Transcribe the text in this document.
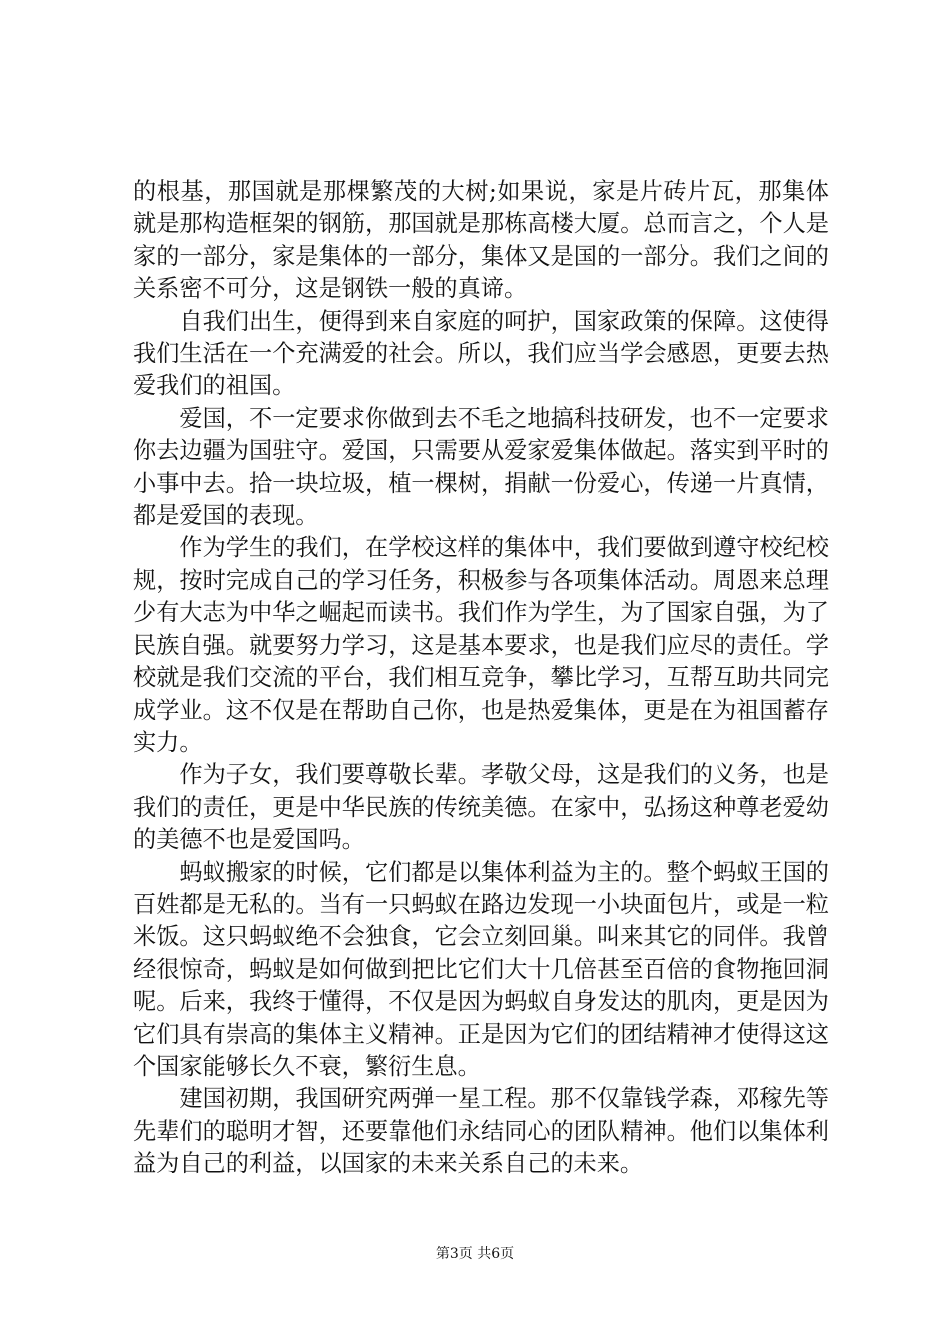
的根基，那国就是那棵繁茂的大树;如果说，家是片砖片瓦，那集体就是那构造框架的钢筋，那国就是那栋高楼大厦。总而言之，个人是家的一部分，家是集体的一部分，集体又是国的一部分。我们之间的关系密不可分，这是钢铁一般的真谛。

自我们出生，便得到来自家庭的呵护，国家政策的保障。这使得我们生活在一个充满爱的社会。所以，我们应当学会感恩，更要去热爱我们的祖国。

爱国，不一定要求你做到去不毛之地搞科技研发，也不一定要求你去边疆为国驻守。爱国，只需要从爱家爱集体做起。落实到平时的小事中去。拾一块垃圾，植一棵树，捐献一份爱心，传递一片真情，都是爱国的表现。

作为学生的我们，在学校这样的集体中，我们要做到遵守校纪校规，按时完成自己的学习任务，积极参与各项集体活动。周恩来总理少有大志为中华之崛起而读书。我们作为学生，为了国家自强，为了民族自强。就要努力学习，这是基本要求，也是我们应尽的责任。学校就是我们交流的平台，我们相互竞争，攀比学习，互帮互助共同完成学业。这不仅是在帮助自己你，也是热爱集体，更是在为祖国蓄存实力。

作为子女，我们要尊敬长辈。孝敬父母，这是我们的义务，也是我们的责任，更是中华民族的传统美德。在家中，弘扬这种尊老爱幼的美德不也是爱国吗。

蚂蚁搬家的时候，它们都是以集体利益为主的。整个蚂蚁王国的百姓都是无私的。当有一只蚂蚁在路边发现一小块面包片，或是一粒米饭。这只蚂蚁绝不会独食，它会立刻回巢。叫来其它的同伴。我曾经很惊奇，蚂蚁是如何做到把比它们大十几倍甚至百倍的食物拖回洞呢。后来，我终于懂得，不仅是因为蚂蚁自身发达的肌肉，更是因为它们具有崇高的集体主义精神。正是因为它们的团结精神才使得这这个国家能够长久不衰，繁衍生息。

建国初期，我国研究两弹一星工程。那不仅靠钱学森，邓稼先等先辈们的聪明才智，还要靠他们永结同心的团队精神。他们以集体利益为自己的利益，以国家的未来关系自己的未来。

第3页 共6页
